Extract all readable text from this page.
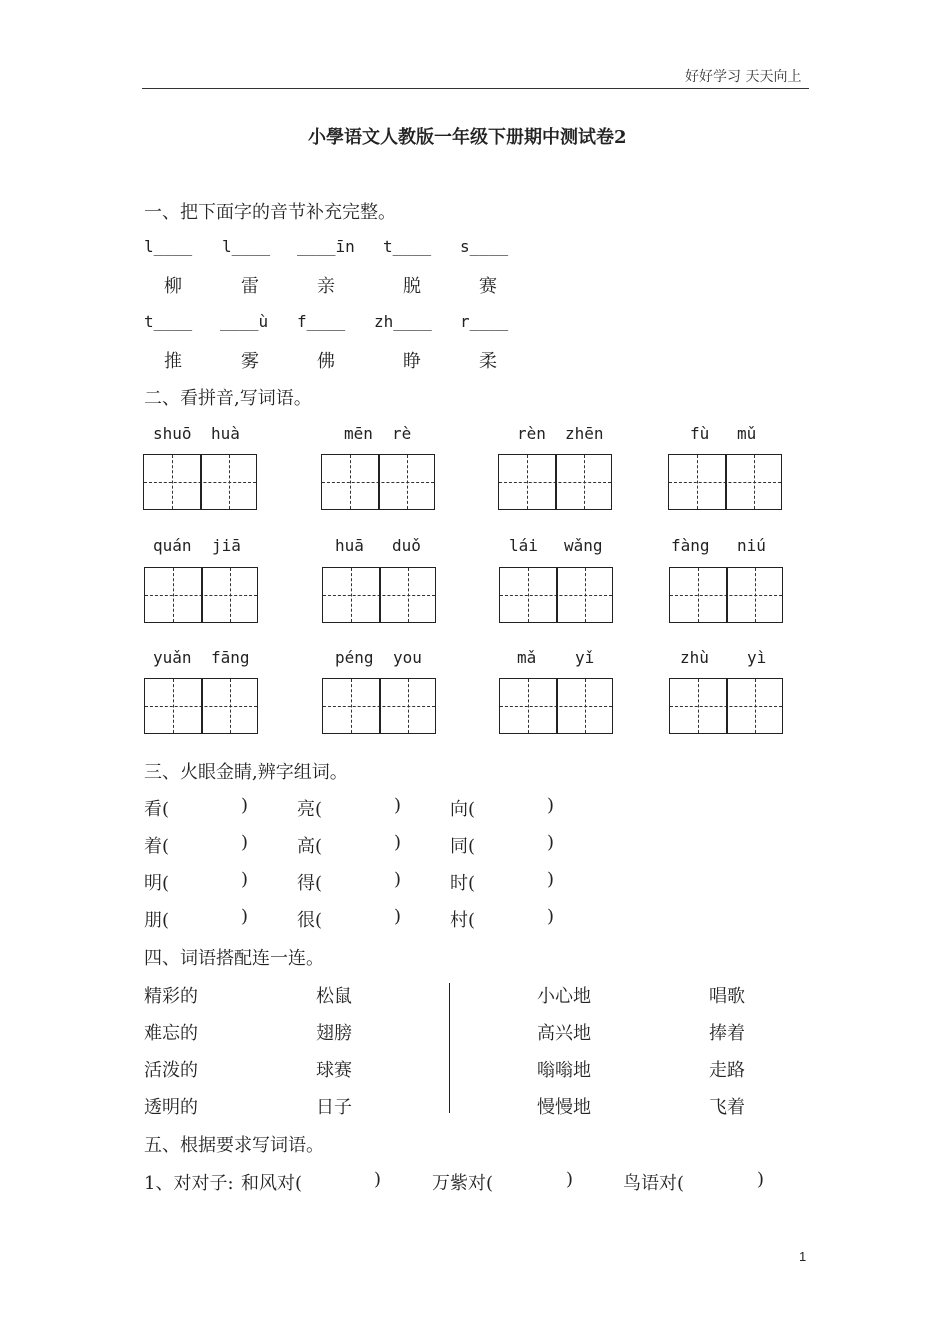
好好学习 天天向上
小學语文人教版一年级下册期中测试卷2
一、把下面字的音节补充完整。
l____ l____ ____īn t____ s____
柳	雷	亲	脱	赛
t____ ____ù f____ zh____ r____
推	雾	佛	睁	柔
二、看拼音,写词语。
shuō huà	mēn rè	rèn zhēn	fù mǔ
quán jiā	huā duǒ	lái wǎng	fàng niú
yuǎn fāng	péng you	mǎ yǐ	zhù yì
三、火眼金睛,辨字组词。
看(	)	亮(	)	向(	)
着(	)	高(	)	同(	)
明(	)	得(	)	时(	)
朋(	)	很(	)	村(	)
四、词语搭配连一连。
精彩的	松鼠	小心地	唱歌
难忘的	翅膀	高兴地	捧着
活泼的	球赛	嗡嗡地	走路
透明的	日子	慢慢地	飞着
五、根据要求写词语。
1、对对子: 和风对(	)	万紫对(	)	鸟语对(	)
1
